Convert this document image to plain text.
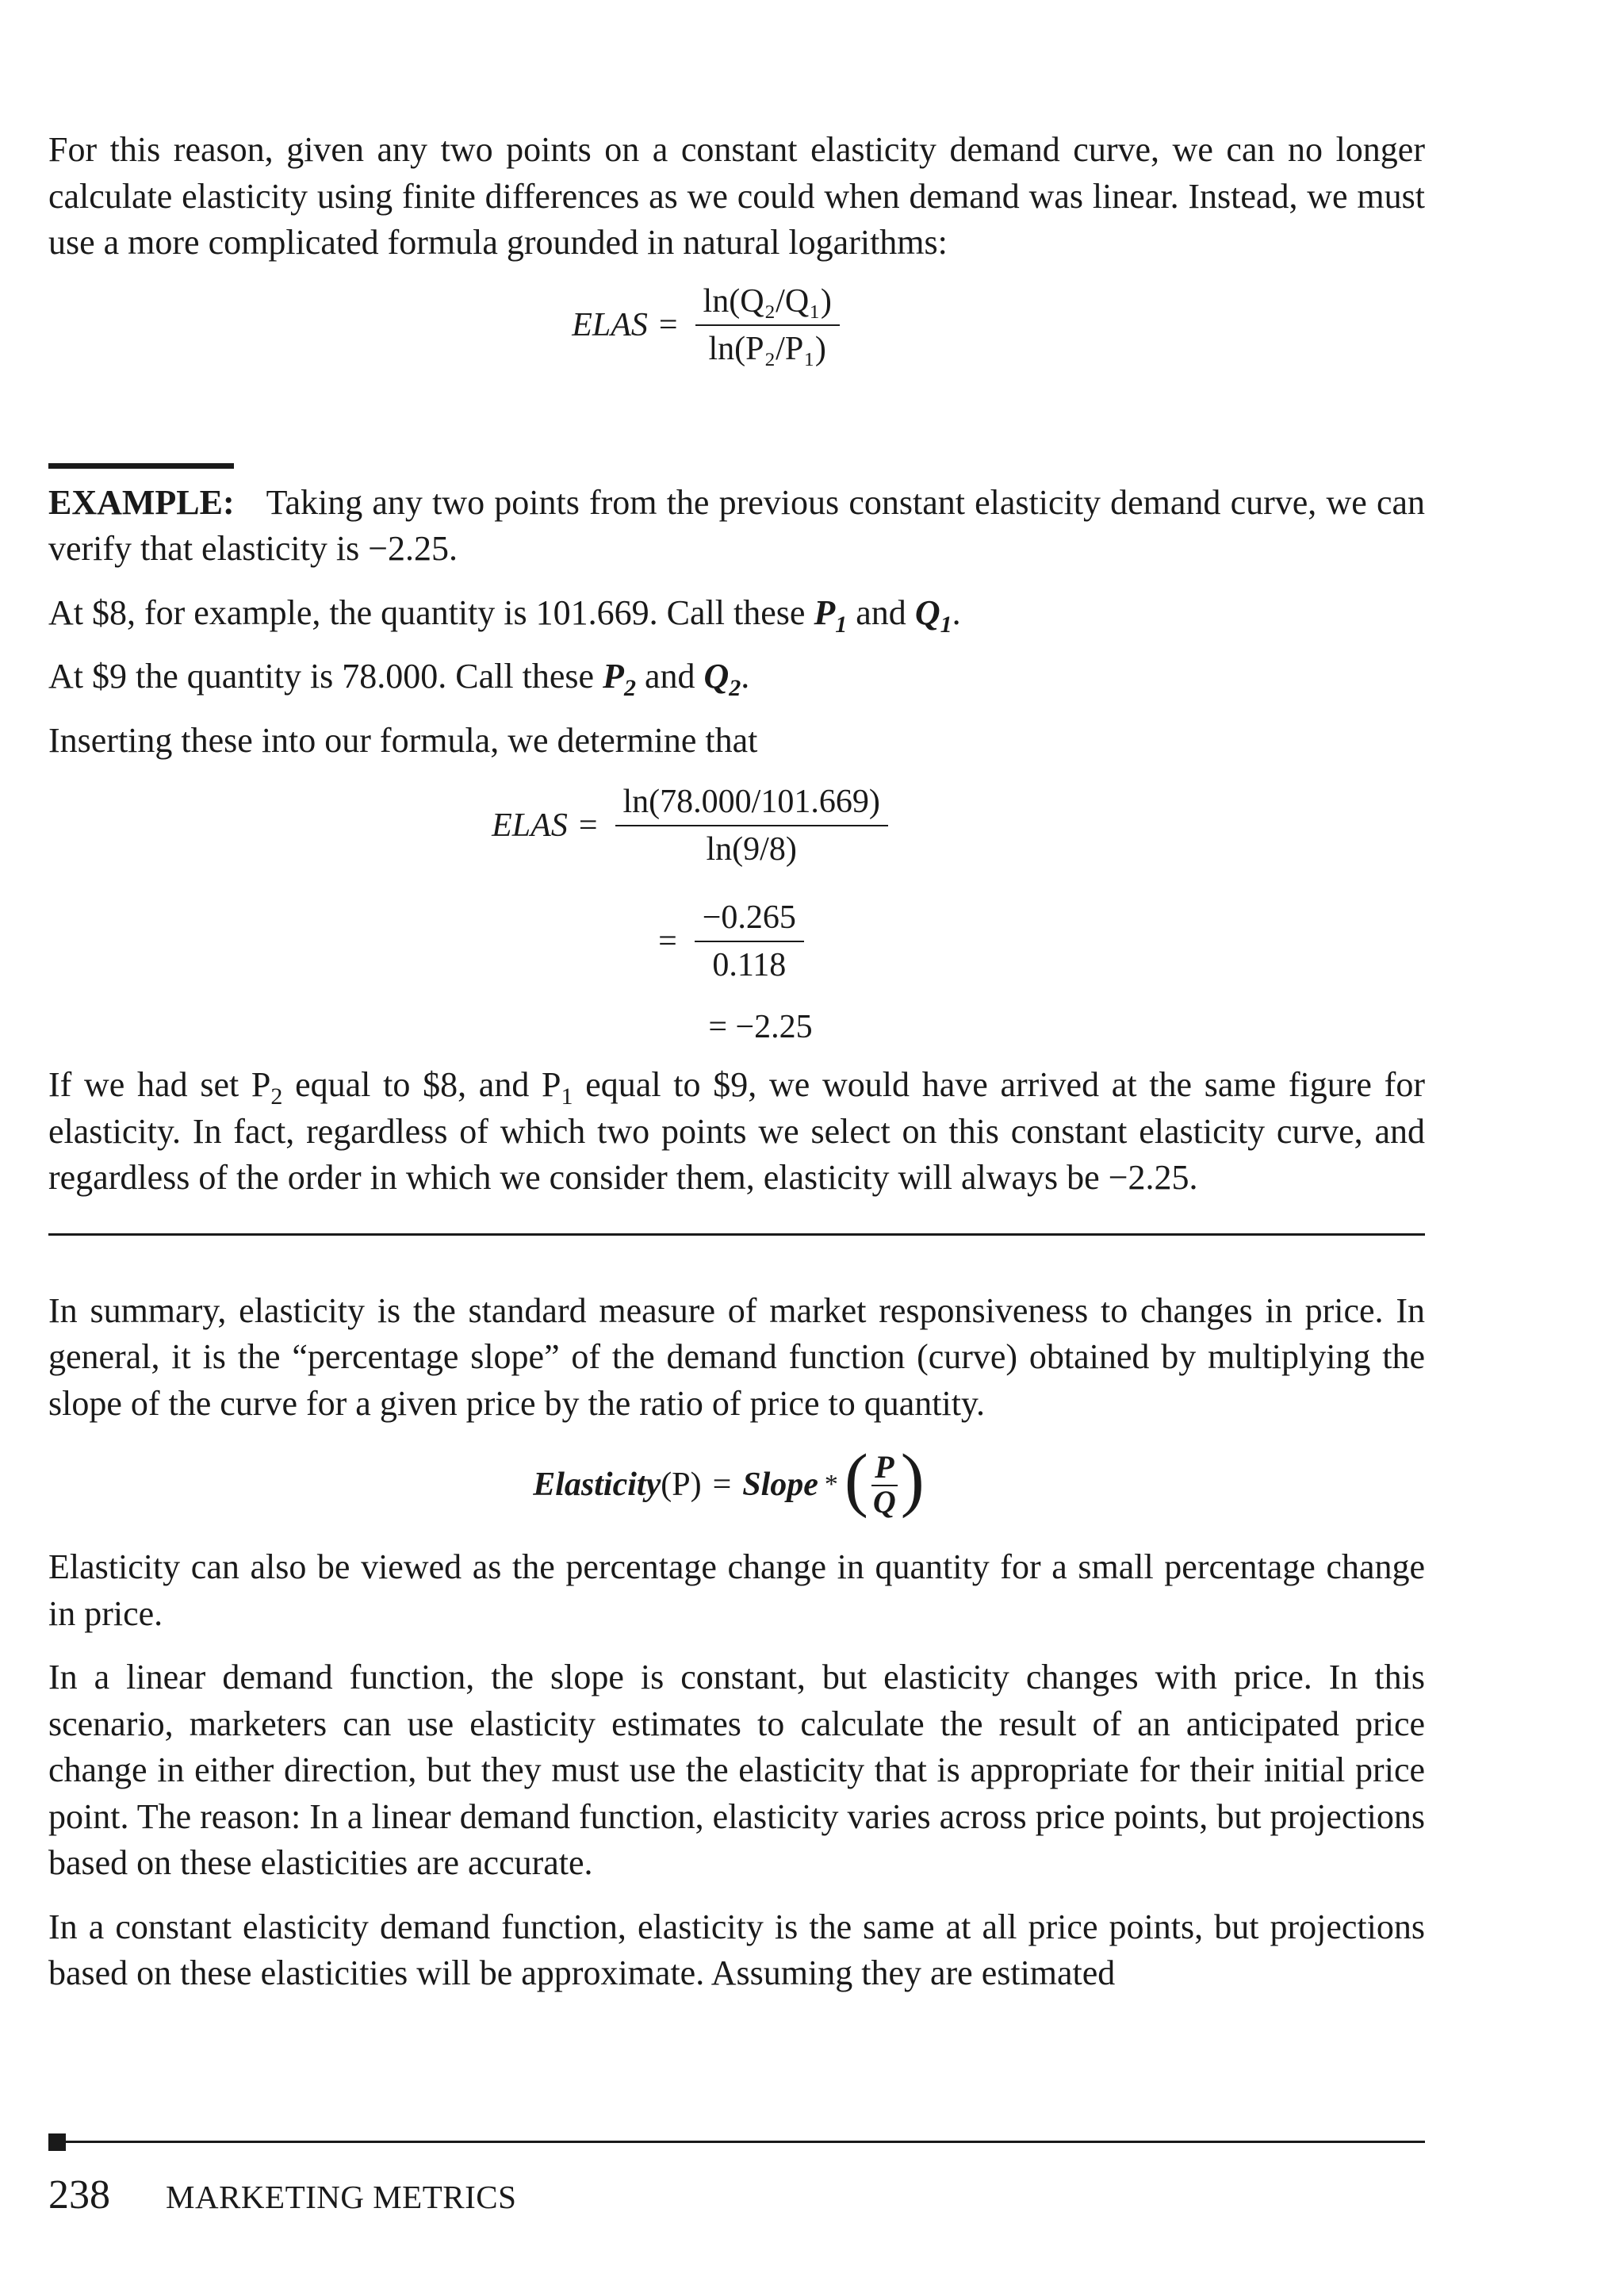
For this reason, given any two points on a constant elasticity demand curve, we can no longer calculate elasticity using finite differences as we could when demand was linear. Instead, we must use a more complicated formula grounded in natural logarithms:

ELAS = $\frac{\text{ln(Q₂/Q₁)}}{\text{ln(P₂/P₁)}}$

EXAMPLE: Taking any two points from the previous constant elasticity demand curve, we can verify that elasticity is −2.25.

At $8, for example, the quantity is 101.669. Call these $P_1$ and $Q_1$.

At $9 the quantity is 78.000. Call these $P_2$ and $Q_2$.

Inserting these into our formula, we determine that

ELAS = $\frac{\ln(78.000/101.669)}{\ln(9/8)}$
= $\frac{-0.265}{0.118}$
= −2.25

If we had set $P_2$ equal to $8, and $P_1$ equal to $9, we would have arrived at the same figure for elasticity. In fact, regardless of which two points we select on this constant elasticity curve, and regardless of the order in which we consider them, elasticity will always be −2.25.

In summary, elasticity is the standard measure of market responsiveness to changes in price. In general, it is the “percentage slope” of the demand function (curve) obtained by multiplying the slope of the curve for a given price by the ratio of price to quantity.

Elasticity (P) = Slope * ( $\frac{P}{Q}$ )

Elasticity can also be viewed as the percentage change in quantity for a small percentage change in price.

In a linear demand function, the slope is constant, but elasticity changes with price. In this scenario, marketers can use elasticity estimates to calculate the result of an anticipated price change in either direction, but they must use the elasticity that is appropriate for their initial price point. The reason: In a linear demand function, elasticity varies across price points, but projections based on these elasticities are accurate.

In a constant elasticity demand function, elasticity is the same at all price points, but projections based on these elasticities will be approximate. Assuming they are estimated

238 MARKETING METRICS
